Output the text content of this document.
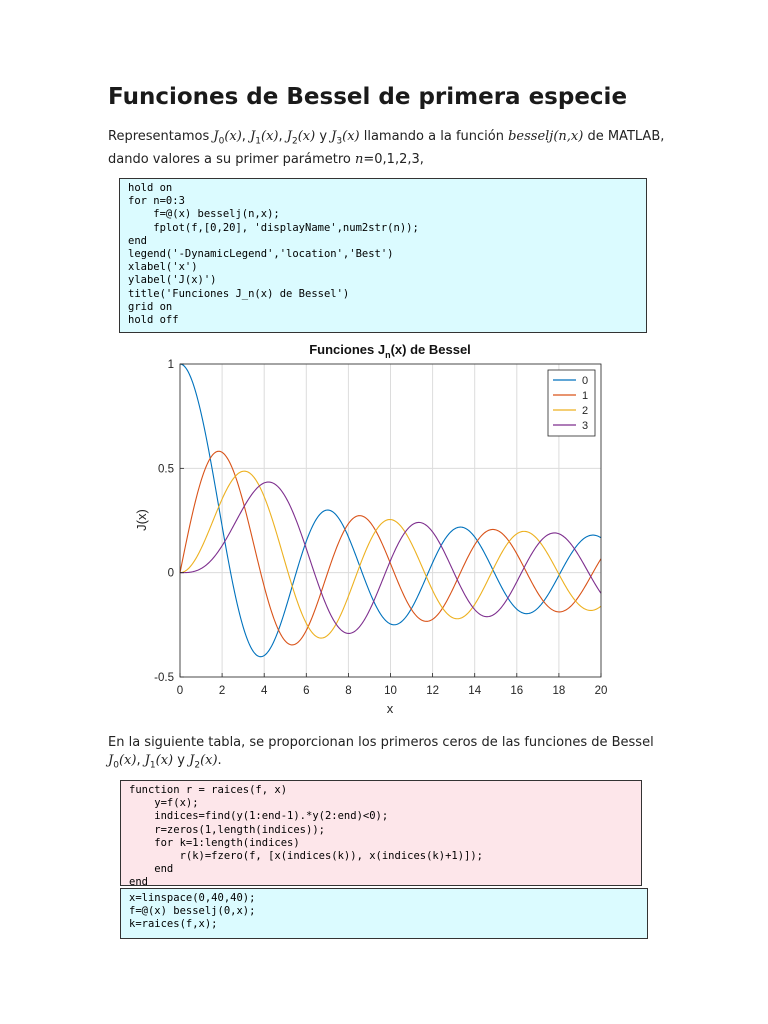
Funciones de Bessel de primera especie

Representamos $J_0(x)$, $J_1(x)$, $J_2(x)$ y $J_3(x)$ llamando a la función besselj(n,x) de MATLAB, dando valores a su primer parámetro n=0,1,2,3,

hold on
for n=0:3
f=@(x) besselj(n,x);
fplot(f,[0,20], 'displayName',num2str(n));
end
legend('-DynamicLegend','location','Best')
xlabel('x')
ylabel('J(x)')
title('Funciones J_n(x) de Bessel')
grid on
hold off
0	2	4	6	8	10	12	14	16	18	20
-0.5
0
0.5
1
Funciones $J_n(x)$ de Bessel
x
J(x)
0
1
2
3

En la siguiente tabla, se proporcionan los primeros ceros de las funciones de Bessel $J_0(x)$, $J_1(x)$ y $J_2(x)$.

function r = raices(f, x)
y=f(x);
indices=find(y(1:end-1).*y(2:end)<0);
r=zeros(1,length(indices));
for k=1:length(indices)
r(k)=fzero(f, [x(indices(k)), x(indices(k)+1)]);
end
end
x=linspace(0,40,40);
f=@(x) besselj(0,x);
k=raices(f,x);
